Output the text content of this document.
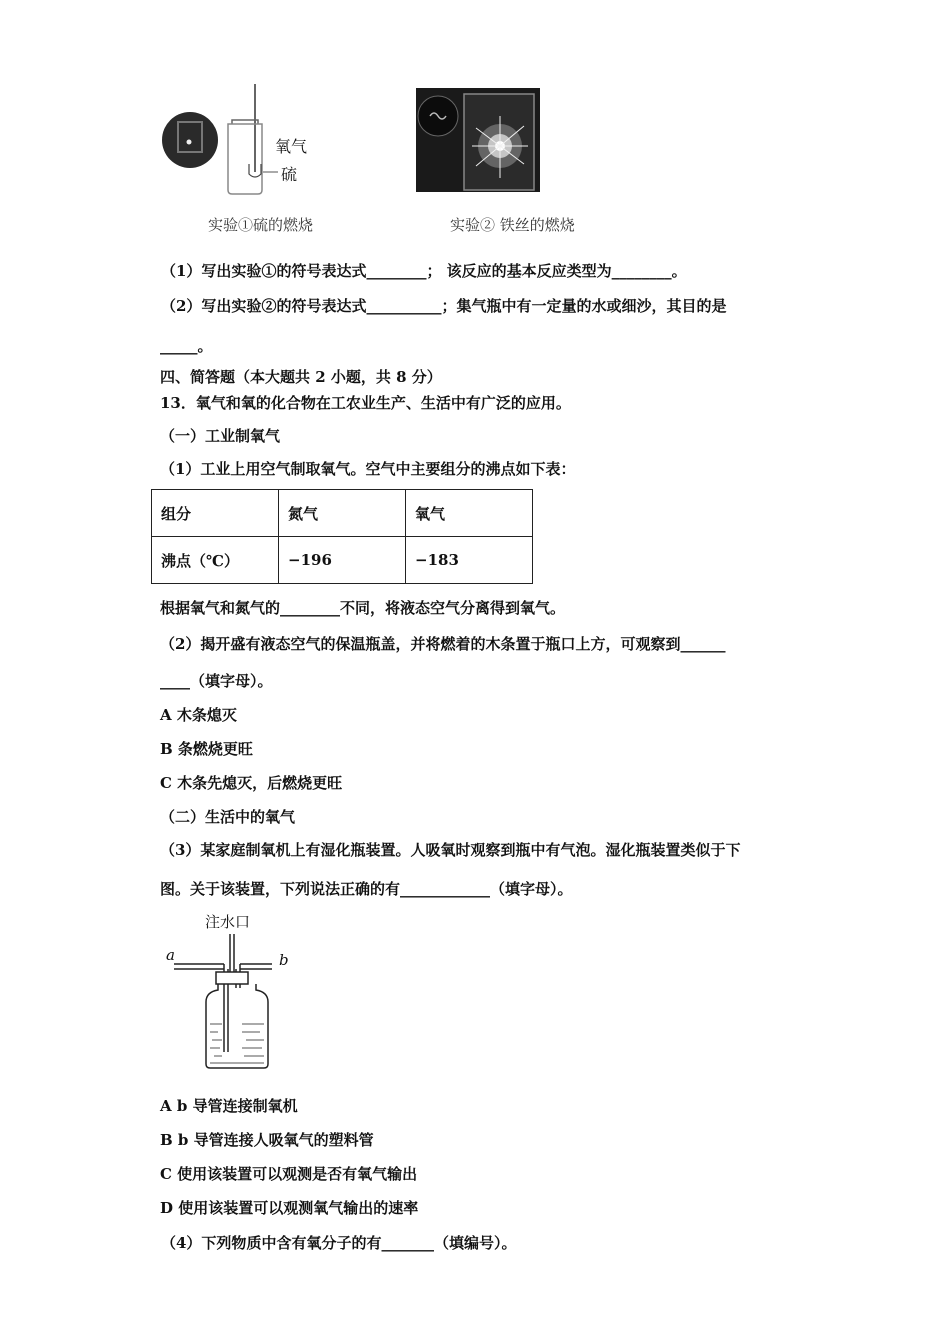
氧气
硫
实验①硫的燃烧	实验② 铁丝的燃烧
（1）写出实验①的符号表达式________； 该反应的基本反应类型为________。
（2）写出实验②的符号表达式__________；集气瓶中有一定量的水或细沙，其目的是
_____。
四、简答题（本大题共 2 小题，共 8 分）
13．氧气和氧的化合物在工农业生产、生活中有广泛的应用。
（一）工业制氧气
（1）工业上用空气制取氧气。空气中主要组分的沸点如下表：
组分	氮气	氧气
沸点（℃）	−196	−183
根据氧气和氮气的________不同，将液态空气分离得到氧气。
（2）揭开盛有液态空气的保温瓶盖，并将燃着的木条置于瓶口上方，可观察到______
____（填字母）。
A 木条熄灭
B 条燃烧更旺
C 木条先熄灭，后燃烧更旺
（二）生活中的氧气
（3）某家庭制氧机上有湿化瓶装置。人吸氧时观察到瓶中有气泡。湿化瓶装置类似于下
图。关于该装置，下列说法正确的有____________（填字母）。
注水口
a	b
A b 导管连接制氧机
B b 导管连接人吸氧气的塑料管
C 使用该装置可以观测是否有氧气输出
D 使用该装置可以观测氧气输出的速率
（4）下列物质中含有氧分子的有_______（填编号）。
